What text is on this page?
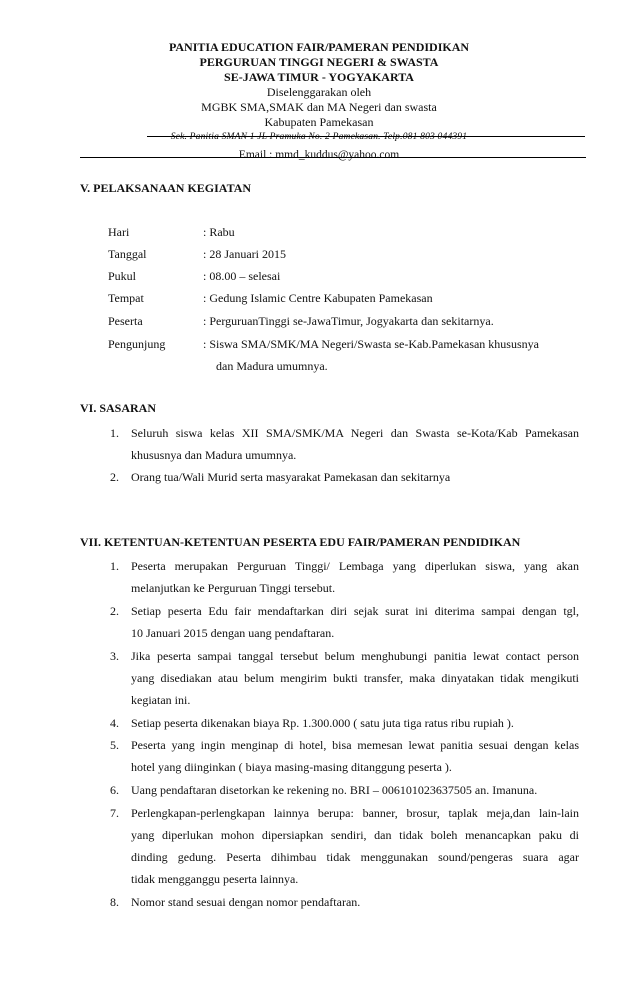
PANITIA EDUCATION FAIR/PAMERAN PENDIDIKAN
PERGURUAN TINGGI NEGERI & SWASTA
SE-JAWA TIMUR - YOGYAKARTA
Diselenggarakan oleh
MGBK SMA,SMAK dan MA Negeri dan swasta
Kabupaten Pamekasan
Sek. Panitia SMAN 1 JL Pramuka No. 2 Pamekasan. Telp.081 803 044391
Email : mmd_kuddus@yahoo.com
V. PELAKSANAAN KEGIATAN
Hari	: Rabu
Tanggal	: 28 Januari 2015
Pukul	: 08.00 – selesai
Tempat	: Gedung Islamic Centre Kabupaten Pamekasan
Peserta	: PerguruanTinggi se-JawaTimur, Jogyakarta dan sekitarnya.
Pengunjung	: Siswa SMA/SMK/MA Negeri/Swasta se-Kab.Pamekasan khususnya
dan Madura umumnya.
VI. SASARAN
1. Seluruh siswa kelas XII SMA/SMK/MA Negeri dan Swasta se-Kota/Kab Pamekasan
khususnya dan Madura umumnya.
2. Orang tua/Wali Murid serta masyarakat Pamekasan dan sekitarnya
VII. KETENTUAN-KETENTUAN PESERTA EDU FAIR/PAMERAN PENDIDIKAN
1. Peserta merupakan Perguruan Tinggi/ Lembaga yang diperlukan siswa, yang akan
melanjutkan ke Perguruan Tinggi tersebut.
2. Setiap peserta Edu fair mendaftarkan diri sejak surat ini diterima sampai dengan tgl,
10 Januari 2015 dengan uang pendaftaran.
3. Jika peserta sampai tanggal tersebut belum menghubungi panitia lewat contact person
yang disediakan atau belum mengirim bukti transfer, maka dinyatakan tidak mengikuti
kegiatan ini.
4. Setiap peserta dikenakan biaya Rp. 1.300.000 ( satu juta tiga ratus ribu rupiah ).
5. Peserta yang ingin menginap di hotel, bisa memesan lewat panitia sesuai dengan kelas
hotel yang diinginkan ( biaya masing-masing ditanggung peserta ).
6. Uang pendaftaran disetorkan ke rekening no. BRI – 006101023637505 an. Imanuna.
7. Perlengkapan-perlengkapan lainnya berupa: banner, brosur, taplak meja,dan lain-lain
yang diperlukan mohon dipersiapkan sendiri, dan tidak boleh menancapkan paku di
dinding gedung. Peserta dihimbau tidak menggunakan sound/pengeras suara agar
tidak mengganggu peserta lainnya.
8. Nomor stand sesuai dengan nomor pendaftaran.
